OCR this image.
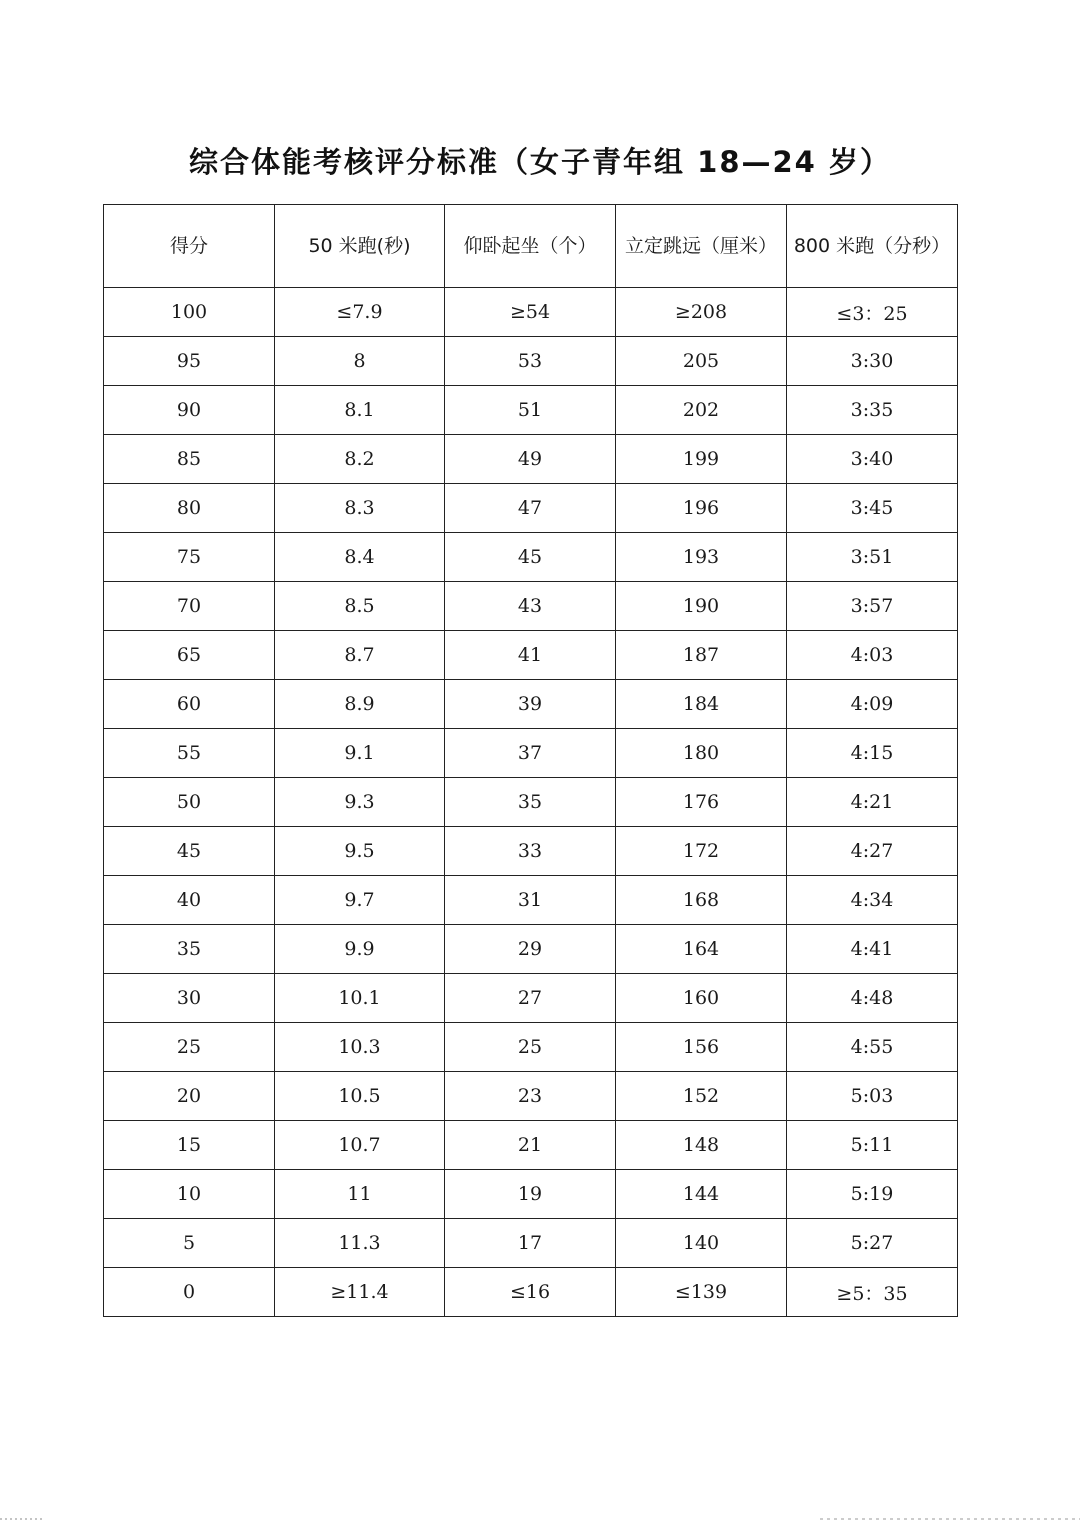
综合体能考核评分标准（女子青年组 18—24 岁）
得分	50 米跑(秒)	仰卧起坐（个）	立定跳远（厘米）	800 米跑（分秒）
100	≤7.9	≥54	≥208	≤3：25
95	8	53	205	3:30
90	8.1	51	202	3:35
85	8.2	49	199	3:40
80	8.3	47	196	3:45
75	8.4	45	193	3:51
70	8.5	43	190	3:57
65	8.7	41	187	4:03
60	8.9	39	184	4:09
55	9.1	37	180	4:15
50	9.3	35	176	4:21
45	9.5	33	172	4:27
40	9.7	31	168	4:34
35	9.9	29	164	4:41
30	10.1	27	160	4:48
25	10.3	25	156	4:55
20	10.5	23	152	5:03
15	10.7	21	148	5:11
10	11	19	144	5:19
5	11.3	17	140	5:27
0	≥11.4	≤16	≤139	≥5：35
